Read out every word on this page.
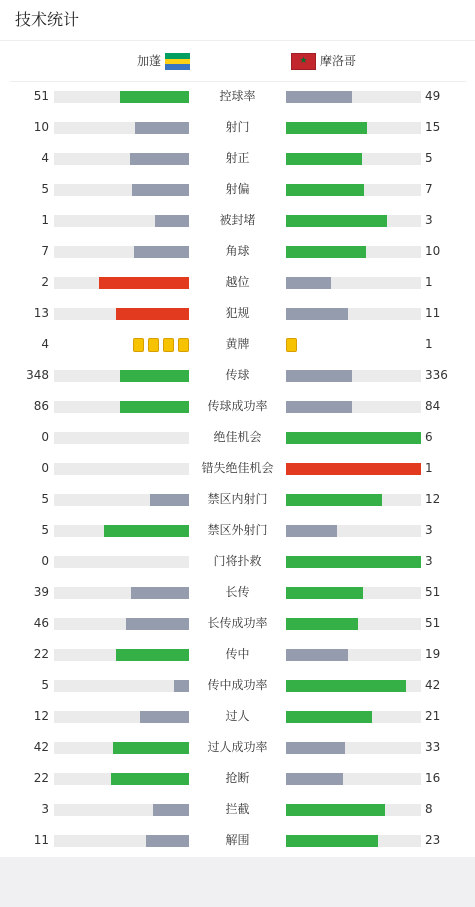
技术统计
加蓬
★	摩洛哥
51	控球率	49
10	射门	15
4	射正	5
5	射偏	7
1	被封堵	3
7	角球	10
2	越位	1
13	犯规	11
4	黄牌	1
348	传球	336
86	传球成功率	84
0	绝佳机会	6
0	错失绝佳机会	1
5	禁区内射门	12
5	禁区外射门	3
0	门将扑救	3
39	长传	51
46	长传成功率	51
22	传中	19
5	传中成功率	42
12	过人	21
42	过人成功率	33
22	抢断	16
3	拦截	8
11	解围	23
